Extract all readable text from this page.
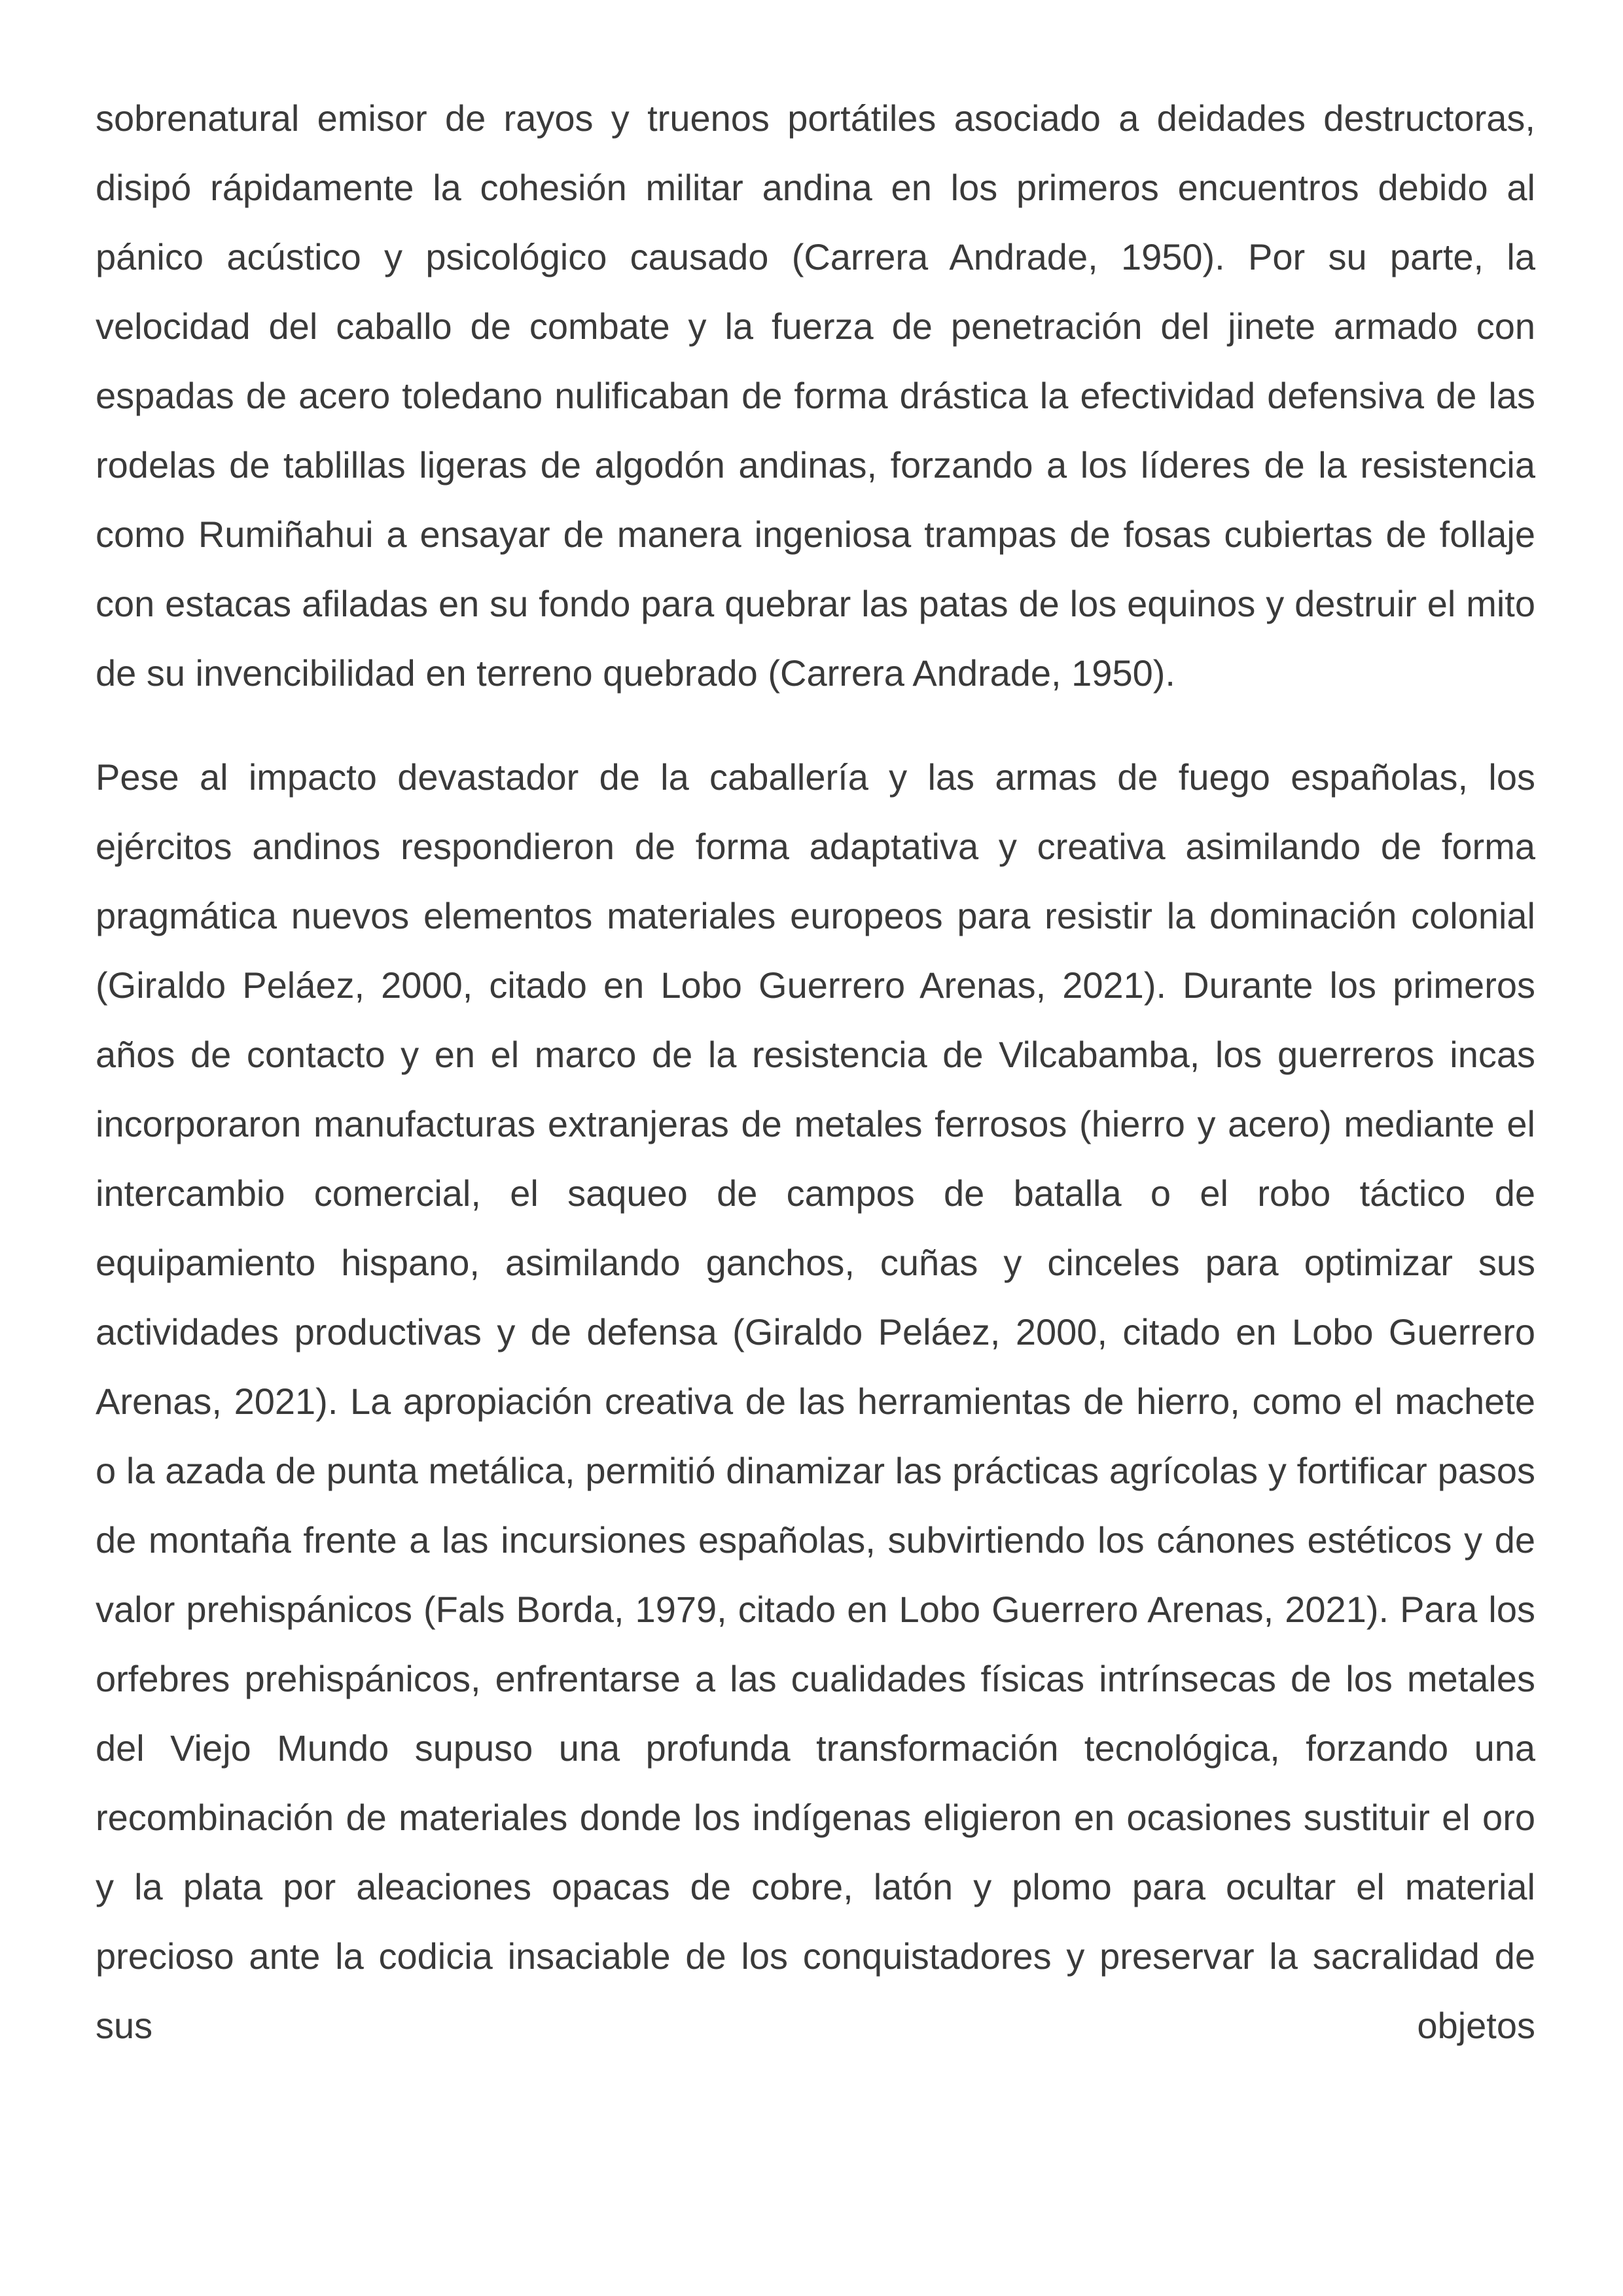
sobrenatural emisor de rayos y truenos portátiles asociado a deidades destructoras, disipó rápidamente la cohesión militar andina en los primeros encuentros debido al pánico acústico y psicológico causado (Carrera Andrade, 1950). Por su parte, la velocidad del caballo de combate y la fuerza de penetración del jinete armado con espadas de acero toledano nulificaban de forma drástica la efectividad defensiva de las rodelas de tablillas ligeras de algodón andinas, forzando a los líderes de la resistencia como Rumiñahui a ensayar de manera ingeniosa trampas de fosas cubiertas de follaje con estacas afiladas en su fondo para quebrar las patas de los equinos y destruir el mito de su invencibilidad en terreno quebrado (Carrera Andrade, 1950).

Pese al impacto devastador de la caballería y las armas de fuego españolas, los ejércitos andinos respondieron de forma adaptativa y creativa asimilando de forma pragmática nuevos elementos materiales europeos para resistir la dominación colonial (Giraldo Peláez, 2000, citado en Lobo Guerrero Arenas, 2021). Durante los primeros años de contacto y en el marco de la resistencia de Vilcabamba, los guerreros incas incorporaron manufacturas extranjeras de metales ferrosos (hierro y acero) mediante el intercambio comercial, el saqueo de campos de batalla o el robo táctico de equipamiento hispano, asimilando ganchos, cuñas y cinceles para optimizar sus actividades productivas y de defensa (Giraldo Peláez, 2000, citado en Lobo Guerrero Arenas, 2021). La apropiación creativa de las herramientas de hierro, como el machete o la azada de punta metálica, permitió dinamizar las prácticas agrícolas y fortificar pasos de montaña frente a las incursiones españolas, subvirtiendo los cánones estéticos y de valor prehispánicos (Fals Borda, 1979, citado en Lobo Guerrero Arenas, 2021). Para los orfebres prehispánicos, enfrentarse a las cualidades físicas intrínsecas de los metales del Viejo Mundo supuso una profunda transformación tecnológica, forzando una recombinación de materiales donde los indígenas eligieron en ocasiones sustituir el oro y la plata por aleaciones opacas de cobre, latón y plomo para ocultar el material precioso ante la codicia insaciable de los conquistadores y preservar la sacralidad de sus objetos
